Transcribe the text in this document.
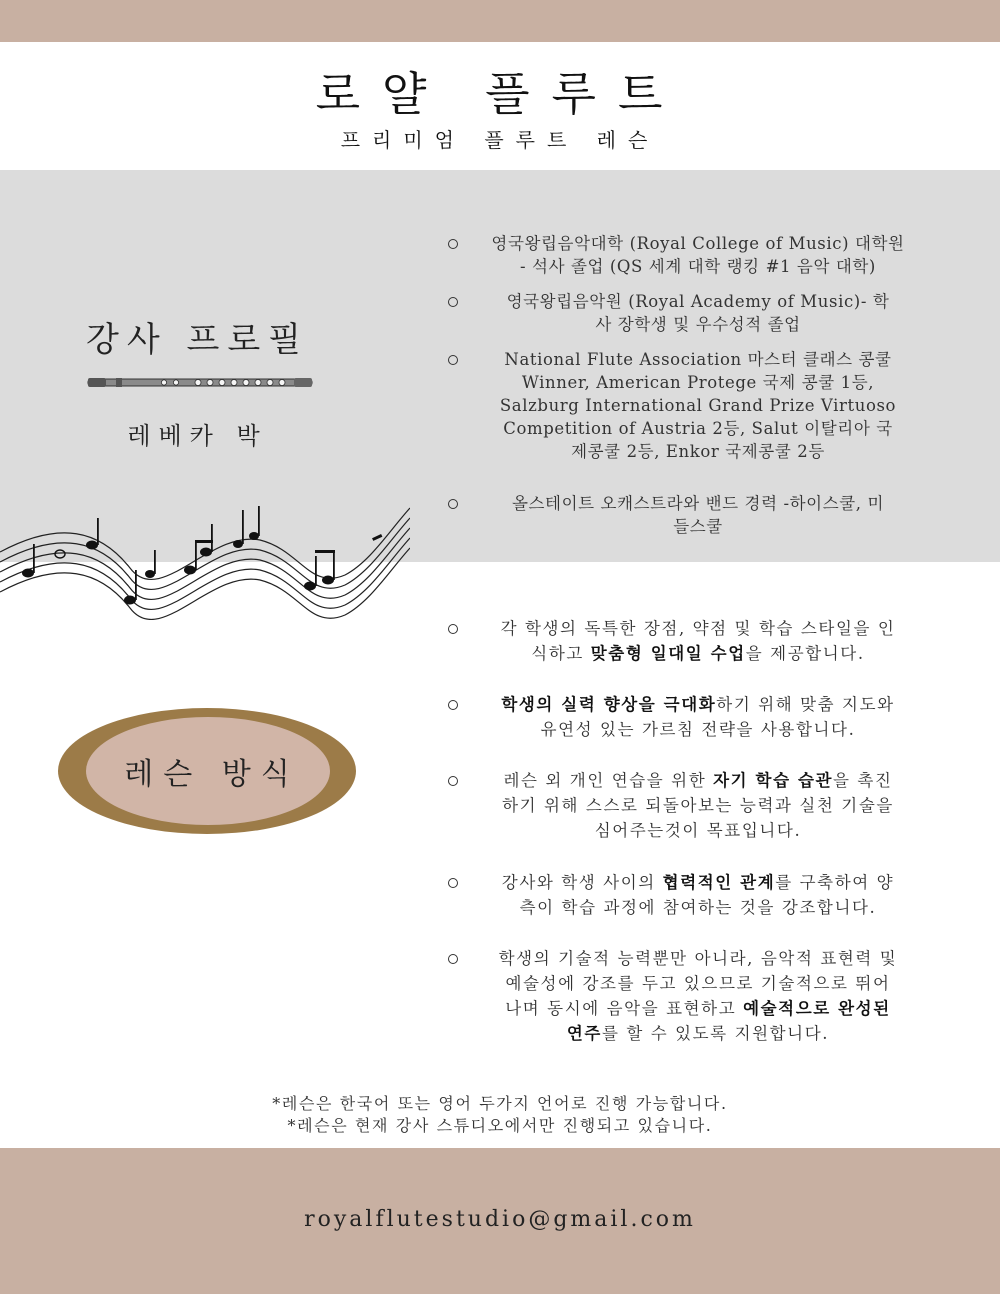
로얄 플루트
프리미엄 플루트 레슨
강사 프로필
레베카 박
영국왕립음악대학 (Royal College of Music) 대학원
- 석사 졸업 (QS 세계 대학 랭킹 #1 음악 대학)
영국왕립음악원 (Royal Academy of Music)- 학
사 장학생 및 우수성적 졸업
National Flute Association 마스터 클래스 콩쿨
Winner, American Protege 국제 콩쿨 1등,
Salzburg International Grand Prize Virtuoso
Competition of Austria 2등, Salut 이탈리아 국
제콩쿨 2등, Enkor 국제콩쿨 2등
올스테이트 오캐스트라와 밴드 경력 -하이스쿨, 미
들스쿨
레슨 방식
각 학생의 독특한 장점, 약점 및 학습 스타일을 인
식하고 맞춤형 일대일 수업을 제공합니다.
학생의 실력 향상을 극대화하기 위해 맞춤 지도와
유연성 있는 가르침 전략을 사용합니다.
레슨 외 개인 연습을 위한 자기 학습 습관을 촉진
하기 위해 스스로 되돌아보는 능력과 실천 기술을
심어주는것이 목표입니다.
강사와 학생 사이의 협력적인 관계를 구축하여 양
측이 학습 과정에 참여하는 것을 강조합니다.
학생의 기술적 능력뿐만 아니라, 음악적 표현력 및
예술성에 강조를 두고 있으므로 기술적으로 뛰어
나며 동시에 음악을 표현하고 예술적으로 완성된
연주를 할 수 있도록 지원합니다.
*레슨은 한국어 또는 영어 두가지 언어로 진행 가능합니다.
*레슨은 현재 강사 스튜디오에서만 진행되고 있습니다.
royalflutestudio@gmail.com
